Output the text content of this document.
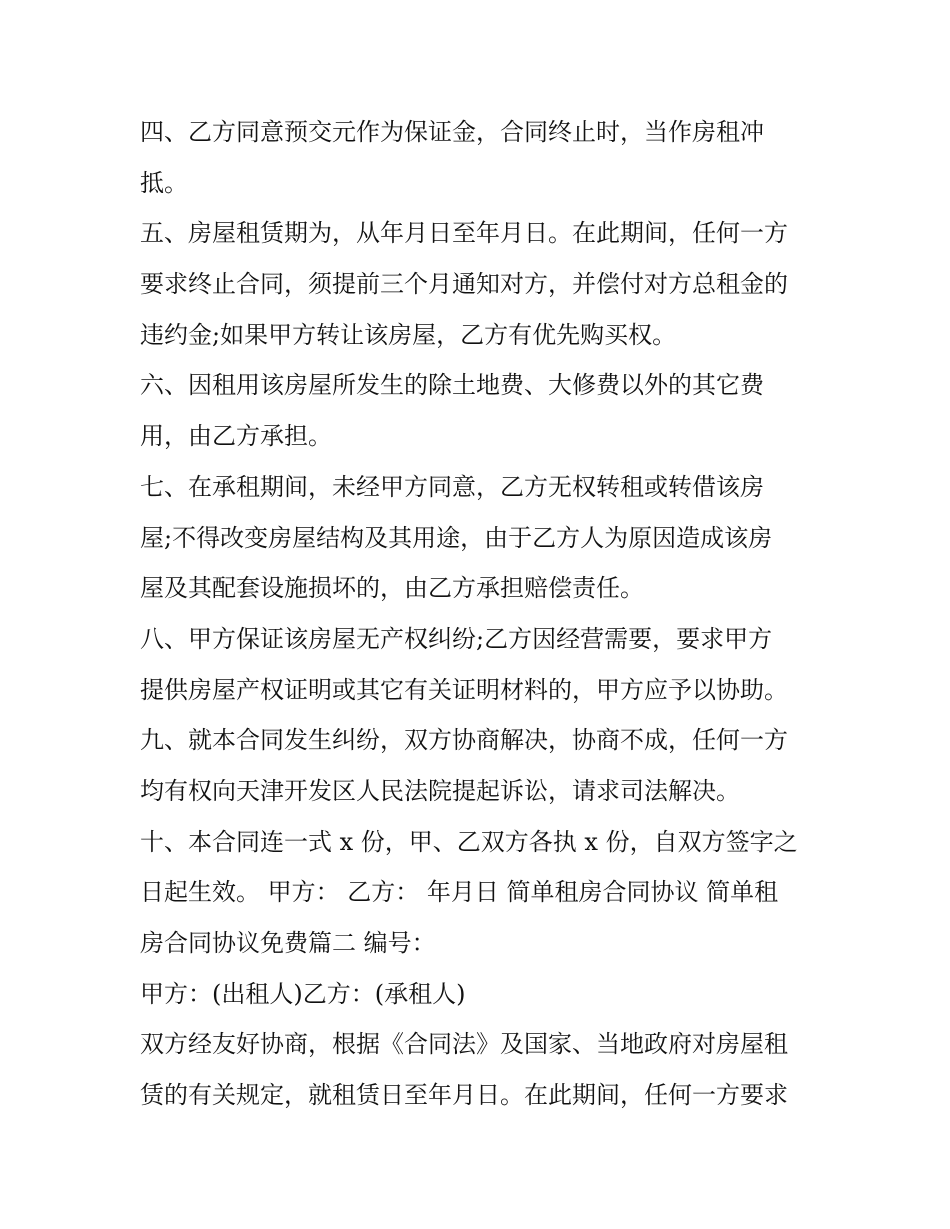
四、乙方同意预交元作为保证金，合同终止时，当作房租冲
抵。
五、房屋租赁期为，从年月日至年月日。在此期间，任何一方
要求终止合同，须提前三个月通知对方，并偿付对方总租金的
违约金;如果甲方转让该房屋，乙方有优先购买权。
六、因租用该房屋所发生的除土地费、大修费以外的其它费
用，由乙方承担。
七、在承租期间，未经甲方同意，乙方无权转租或转借该房
屋;不得改变房屋结构及其用途，由于乙方人为原因造成该房
屋及其配套设施损坏的，由乙方承担赔偿责任。
八、甲方保证该房屋无产权纠纷;乙方因经营需要，要求甲方
提供房屋产权证明或其它有关证明材料的，甲方应予以协助。
九、就本合同发生纠纷，双方协商解决，协商不成，任何一方
均有权向天津开发区人民法院提起诉讼，请求司法解决。
十、本合同连一式 x 份，甲、乙双方各执 x 份，自双方签字之
日起生效。 甲方： 乙方： 年月日 简单租房合同协议 简单租
房合同协议免费篇二 编号：
甲方：(出租人)乙方：(承租人)
双方经友好协商，根据《合同法》及国家、当地政府对房屋租
赁的有关规定，就租赁日至年月日。在此期间，任何一方要求
